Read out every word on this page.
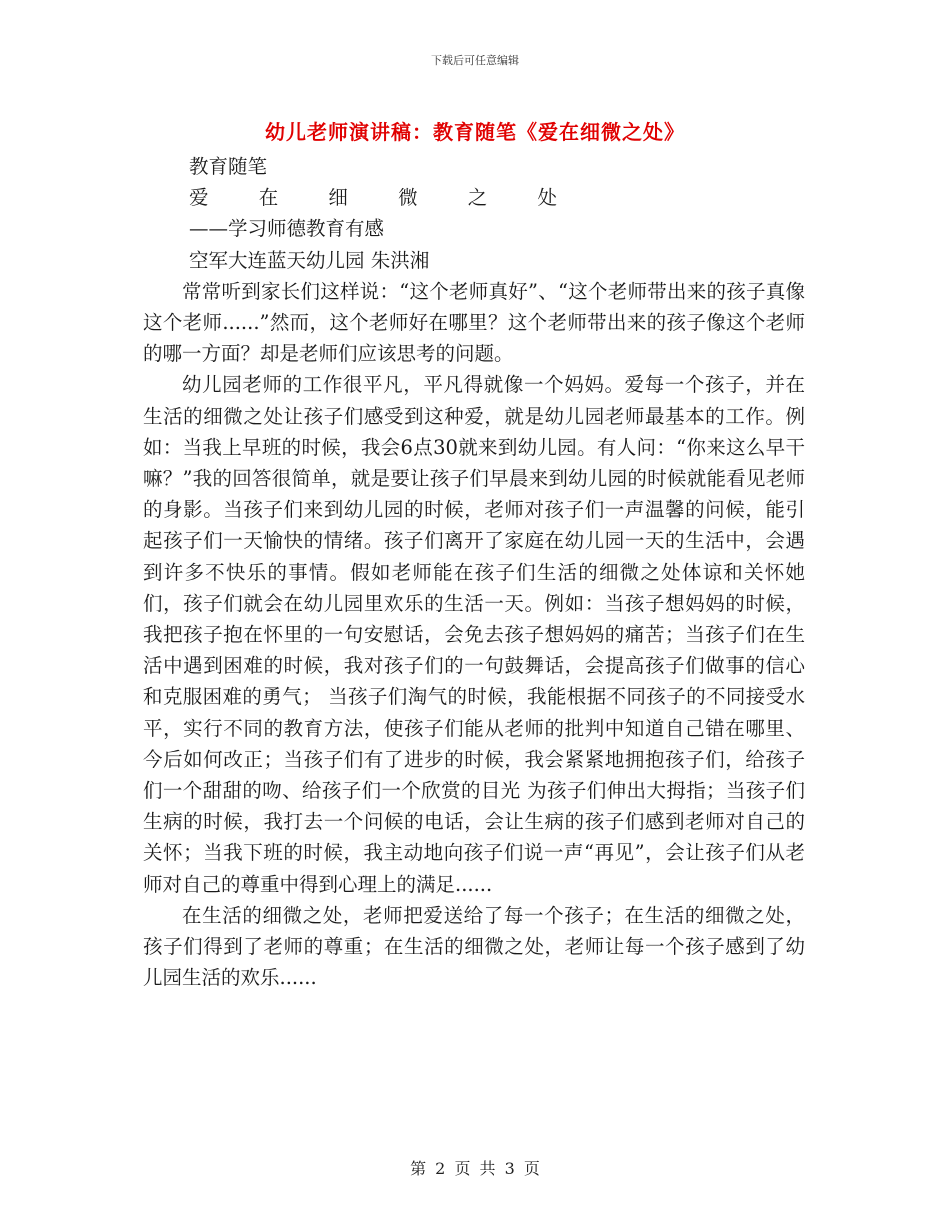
下载后可任意编辑
幼儿老师演讲稿：教育随笔《爱在细微之处》

教育随笔

爱 在 细 微 之 处

——学习师德教育有感

空军大连蓝天幼儿园 朱洪湘

常常听到家长们这样说：“这个老师真好”、“这个老师带出来的孩子真像这个老师......”然而，这个老师好在哪里？这个老师带出来的孩子像这个老师的哪一方面？却是老师们应该思考的问题。

幼儿园老师的工作很平凡，平凡得就像一个妈妈。爱每一个孩子，并在生活的细微之处让孩子们感受到这种爱，就是幼儿园老师最基本的工作。例如：当我上早班的时候，我会6点30就来到幼儿园。有人问：“你来这么早干嘛？”我的回答很简单，就是要让孩子们早晨来到幼儿园的时候就能看见老师的身影。当孩子们来到幼儿园的时候，老师对孩子们一声温馨的问候，能引起孩子们一天愉快的情绪。孩子们离开了家庭在幼儿园一天的生活中，会遇到许多不快乐的事情。假如老师能在孩子们生活的细微之处体谅和关怀她们，孩子们就会在幼儿园里欢乐的生活一天。例如：当孩子想妈妈的时候，我把孩子抱在怀里的一句安慰话，会免去孩子想妈妈的痛苦；当孩子们在生活中遇到困难的时候，我对孩子们的一句鼓舞话，会提高孩子们做事的信心和克服困难的勇气； 当孩子们淘气的时候，我能根据不同孩子的不同接受水平，实行不同的教育方法，使孩子们能从老师的批判中知道自己错在哪里、今后如何改正；当孩子们有了进步的时候，我会紧紧地拥抱孩子们，给孩子们一个甜甜的吻、给孩子们一个欣赏的目光 为孩子们伸出大拇指；当孩子们生病的时候，我打去一个问候的电话，会让生病的孩子们感到老师对自己的关怀；当我下班的时候，我主动地向孩子们说一声“再见”，会让孩子们从老师对自己的尊重中得到心理上的满足......

在生活的细微之处，老师把爱送给了每一个孩子；在生活的细微之处，孩子们得到了老师的尊重；在生活的细微之处，老师让每一个孩子感到了幼儿园生活的欢乐......

第 2 页 共 3 页
